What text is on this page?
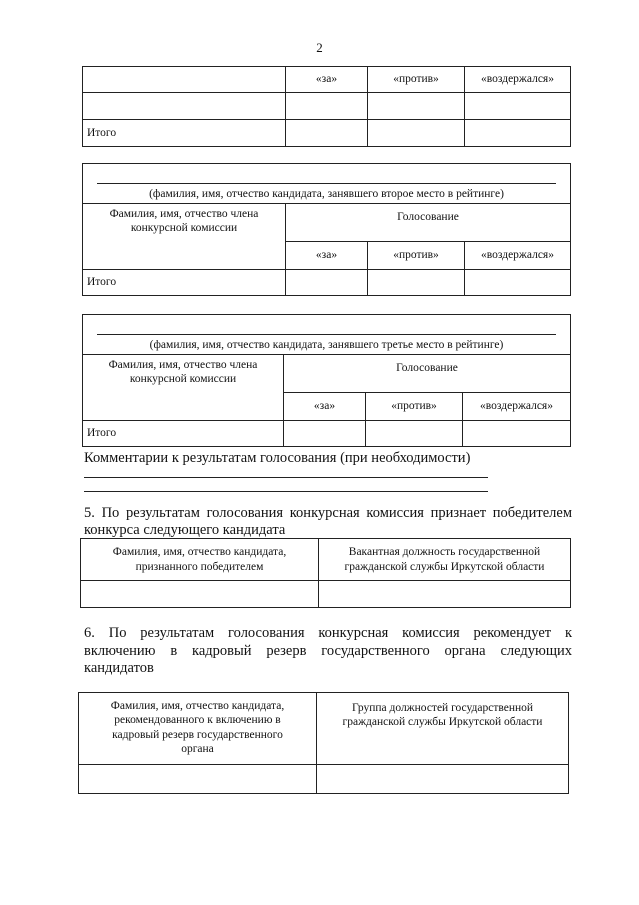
2
	«за»	«против»	«воздержался»

Итого			
(фамилия, имя, отчество кандидата, занявшего второе место в рейтинге)			
Фамилия, имя, отчество члена конкурсной комиссии	Голосование		
	«за»	«против»	«воздержался»
Итого			
(фамилия, имя, отчество кандидата, занявшего третье место в рейтинге)			
Фамилия, имя, отчество члена конкурсной комиссии	Голосование		
	«за»	«против»	«воздержался»
Итого			
Комментарии к результатам голосования (при необходимости)
5. По результатам голосования конкурсная комиссия признает победителем
конкурса следующего кандидата
Фамилия, имя, отчество кандидата, признанного победителем	Вакантная должность государственной гражданской службы Иркутской области

6. По результатам голосования конкурсная комиссия рекомендует к
включению в кадровый резерв государственного органа следующих
кандидатов
Фамилия, имя, отчество кандидата, рекомендованного к включению в кадровый резерв государственного органа	Группа должностей государственной гражданской службы Иркутской области
